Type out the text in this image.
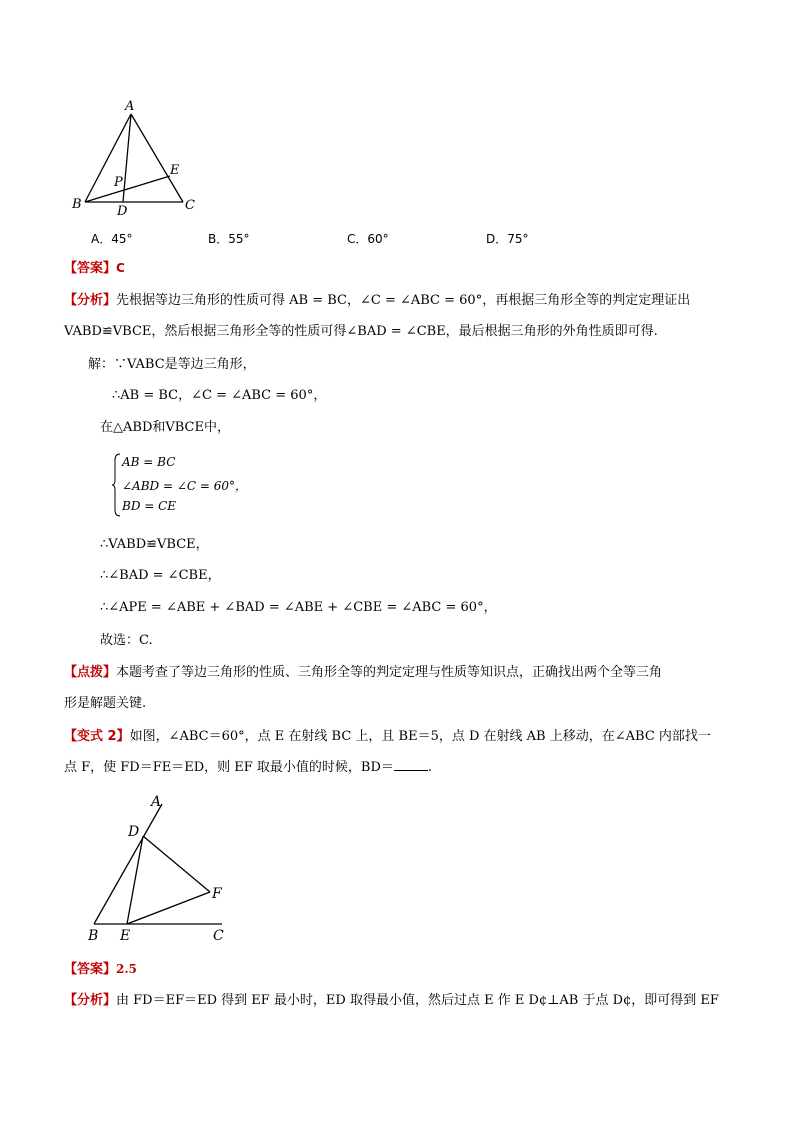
A
B	C
D
E
P
A．45°	B．55°	C．60°	D．75°
【答案】C
【分析】先根据等边三角形的性质可得 AB = BC，∠C = ∠ABC = 60°，再根据三角形全等的判定定理证出
VABD≌VBCE，然后根据三角形全等的性质可得∠BAD = ∠CBE，最后根据三角形的外角性质即可得.
解：∵VABC是等边三角形，
∴AB = BC，∠C = ∠ABC = 60°，
在△ABD和VBCE中，
AB = BC
∠ABD = ∠C = 60°，
BD = CE
∴VABD≌VBCE，
∴∠BAD = ∠CBE，
∴∠APE = ∠ABE + ∠BAD = ∠ABE + ∠CBE = ∠ABC = 60°，
故选：C.
【点拨】本题考查了等边三角形的性质、三角形全等的判定定理与性质等知识点，正确找出两个全等三角
形是解题关键.
【变式 2】如图，∠ABC＝60°，点 E 在射线 BC 上，且 BE＝5，点 D 在射线 AB 上移动，在∠ABC 内部找一
点 F，使 FD＝FE＝ED，则 EF 取最小值的时候，BD＝	.
A
B	C
D
E
F
【答案】2.5
【分析】由 FD＝EF＝ED 得到 EF 最小时，ED 取得最小值，然后过点 E 作 E D¢⊥AB 于点 D¢，即可得到 EF
